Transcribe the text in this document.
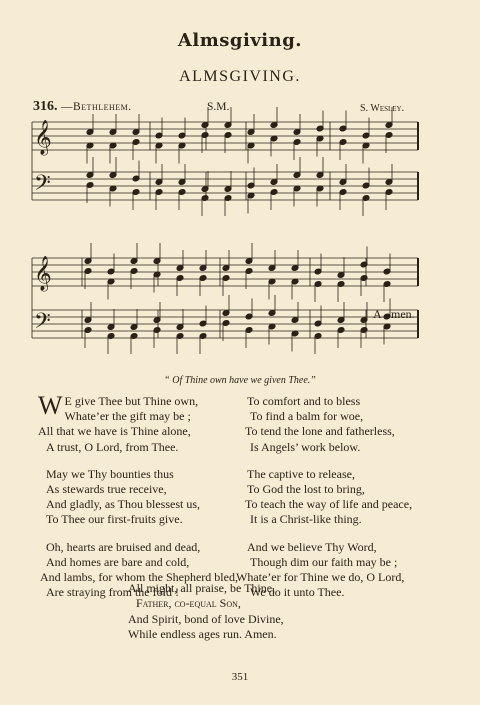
Almsgiving.
ALMSGIVING.
316. —Bethlehem.	S.M.	S. Wesley.
𝄞
𝄢
𝄞
𝄢	A - men.
“ Of Thine own have we given Thee.”

W E give Thee but Thine own,

Whate’er the gift may be ;

All that we have is Thine alone,

A trust, O Lord, from Thee.

May we Thy bounties thus

As stewards true receive,

And gladly, as Thou blessest us,

To Thee our first-fruits give.

Oh, hearts are bruised and dead,

And homes are bare and cold,

And lambs, for whom the Shepherd bled,

Are straying from the fold !

To comfort and to bless

To find a balm for woe,

To tend the lone and fatherless,

Is Angels’ work below.

The captive to release,

To God the lost to bring,

To teach the way of life and peace,

It is a Christ-like thing.

And we believe Thy Word,

Though dim our faith may be ;

Whate’er for Thine we do, O Lord,

We do it unto Thee.

All might, all praise, be Thine,

Father, co-equal Son,

And Spirit, bond of love Divine,

While endless ages run. Amen.

351
